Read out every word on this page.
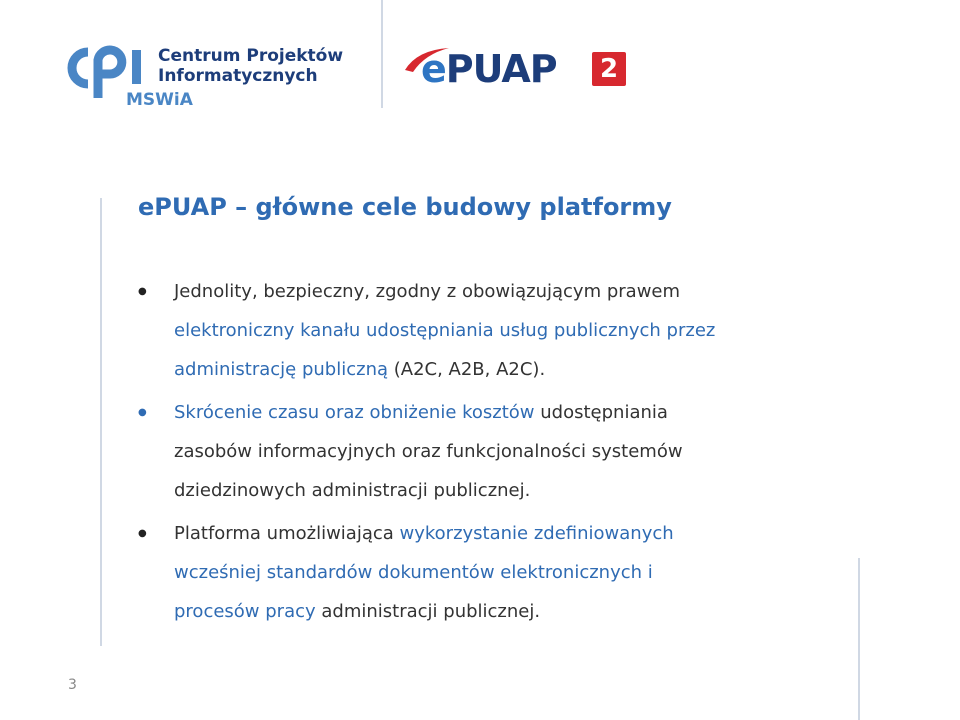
Centrum Projektów
Informatycznych
MSWiA
ePUAP	2
ePUAP – główne cele budowy platformy
● Jednolity, bezpieczny, zgodny z obowiązującym prawem
elektroniczny kanału udostępniania usług publicznych przez
administrację publiczną (A2C, A2B, A2C).
● Skrócenie czasu oraz obniżenie kosztów udostępniania
zasobów informacyjnych oraz funkcjonalności systemów
dziedzinowych administracji publicznej.
● Platforma umożliwiająca wykorzystanie zdefiniowanych
wcześniej standardów dokumentów elektronicznych i
procesów pracy administracji publicznej.
3
